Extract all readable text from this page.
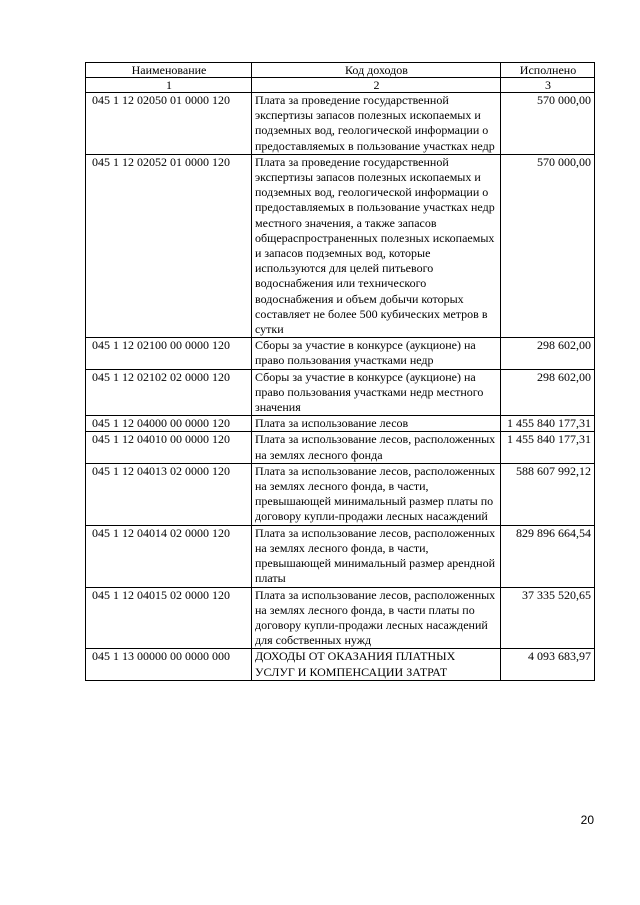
Наименование	Код доходов	Исполнено
1	2	3
045 1 12 02050 01 0000 120	Плата за проведение государственной экспертизы запасов полезных ископаемых и подземных вод, геологической информации о предоставляемых в пользование участках недр	570 000,00
045 1 12 02052 01 0000 120	Плата за проведение государственной экспертизы запасов полезных ископаемых и подземных вод, геологической информации о предоставляемых в пользование участках недр местного значения, а также запасов общераспространенных полезных ископаемых и запасов подземных вод, которые используются для целей питьевого водоснабжения или технического водоснабжения и объем добычи которых составляет не более 500 кубических метров в сутки	570 000,00
045 1 12 02100 00 0000 120	Сборы за участие в конкурсе (аукционе) на право пользования участками недр	298 602,00
045 1 12 02102 02 0000 120	Сборы за участие в конкурсе (аукционе) на право пользования участками недр местного значения	298 602,00
045 1 12 04000 00 0000 120	Плата за использование лесов	1 455 840 177,31
045 1 12 04010 00 0000 120	Плата за использование лесов, расположенных на землях лесного фонда	1 455 840 177,31
045 1 12 04013 02 0000 120	Плата за использование лесов, расположенных на землях лесного фонда, в части, превышающей минимальный размер платы по договору купли-продажи лесных насаждений	588 607 992,12
045 1 12 04014 02 0000 120	Плата за использование лесов, расположенных на землях лесного фонда, в части, превышающей минимальный размер арендной платы	829 896 664,54
045 1 12 04015 02 0000 120	Плата за использование лесов, расположенных на землях лесного фонда, в части платы по договору купли-продажи лесных насаждений для собственных нужд	37 335 520,65
045 1 13 00000 00 0000 000	ДОХОДЫ ОТ ОКАЗАНИЯ ПЛАТНЫХ УСЛУГ И КОМПЕНСАЦИИ ЗАТРАТ	4 093 683,97
20
